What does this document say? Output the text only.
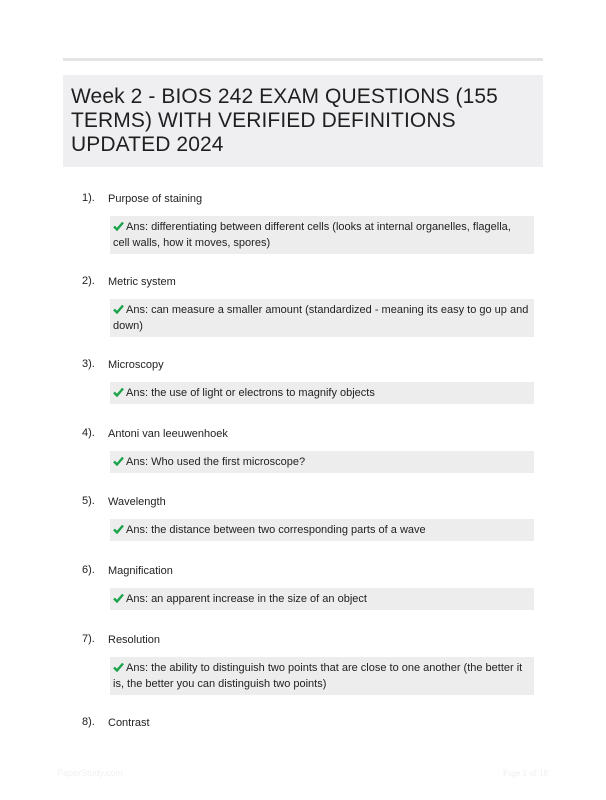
Week 2 - BIOS 242 EXAM QUESTIONS (155 TERMS) WITH VERIFIED DEFINITIONS UPDATED 2024
1). Purpose of staining
Ans: differentiating between different cells (looks at internal organelles, flagella, cell walls, how it moves, spores)
2). Metric system
Ans: can measure a smaller amount (standardized - meaning its easy to go up and down)
3). Microscopy
Ans: the use of light or electrons to magnify objects
4). Antoni van leeuwenhoek
Ans: Who used the first microscope?
5). Wavelength
Ans: the distance between two corresponding parts of a wave
6). Magnification
Ans: an apparent increase in the size of an object
7). Resolution
Ans: the ability to distinguish two points that are close to one another (the better it is, the better you can distinguish two points)
8). Contrast
PaperStudy.com	Page 1 of 18
